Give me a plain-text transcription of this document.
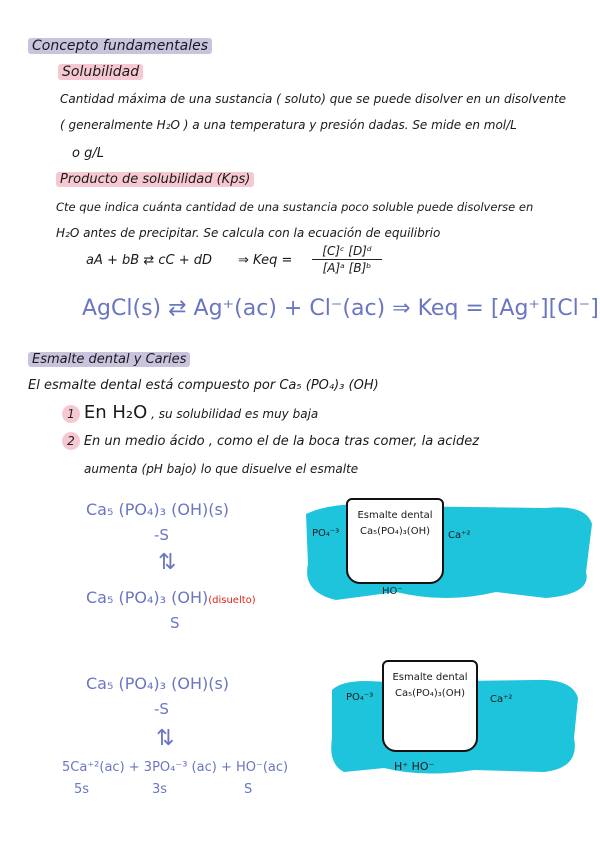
Concepto fundamentales
Solubilidad
Cantidad máxima de una sustancia ( soluto) que se puede disolver en un disolvente
( generalmente H₂O ) a una temperatura y presión dadas. Se mide en mol/L
o g/L
Producto de solubilidad (Kps)
Cte que indica cuánta cantidad de una sustancia poco soluble puede disolverse en
H₂O antes de precipitar. Se calcula con la ecuación de equilibrio
aA + bB ⇄ cC + dD ⇒ Keq = $\frac{\text{[C]ᶜ [D]ᵈ}}{\text{[A]ᵃ [B]ᵇ}}$
AgCl(s) ⇄ Ag⁺(ac) + Cl⁻(ac) ⇒ Keq = [Ag⁺][Cl⁻]
Esmalte dental y Caries
El esmalte dental está compuesto por Ca₅ (PO₄)₃ (OH)
1 En H₂O , su solubilidad es muy baja
2 En un medio ácido , como el de la boca tras comer, la acidez
aumenta (pH bajo) lo que disuelve el esmalte
Ca₅ (PO₄)₃ (OH)(s)
-S
⇅
Ca₅ (PO₄)₃ (OH)(disuelto)
S
Esmalte dental
Ca₅(PO₄)₃(OH)
PO₄⁻³	Ca⁺²
HO⁻
Ca₅ (PO₄)₃ (OH)(s)
-S
⇅
5Ca⁺²(ac) + 3PO₄⁻³ (ac) + HO⁻(ac)
5s	3s	S
Esmalte dental
Ca₅(PO₄)₃(OH)
PO₄⁻³	Ca⁺²
H⁺ HO⁻
